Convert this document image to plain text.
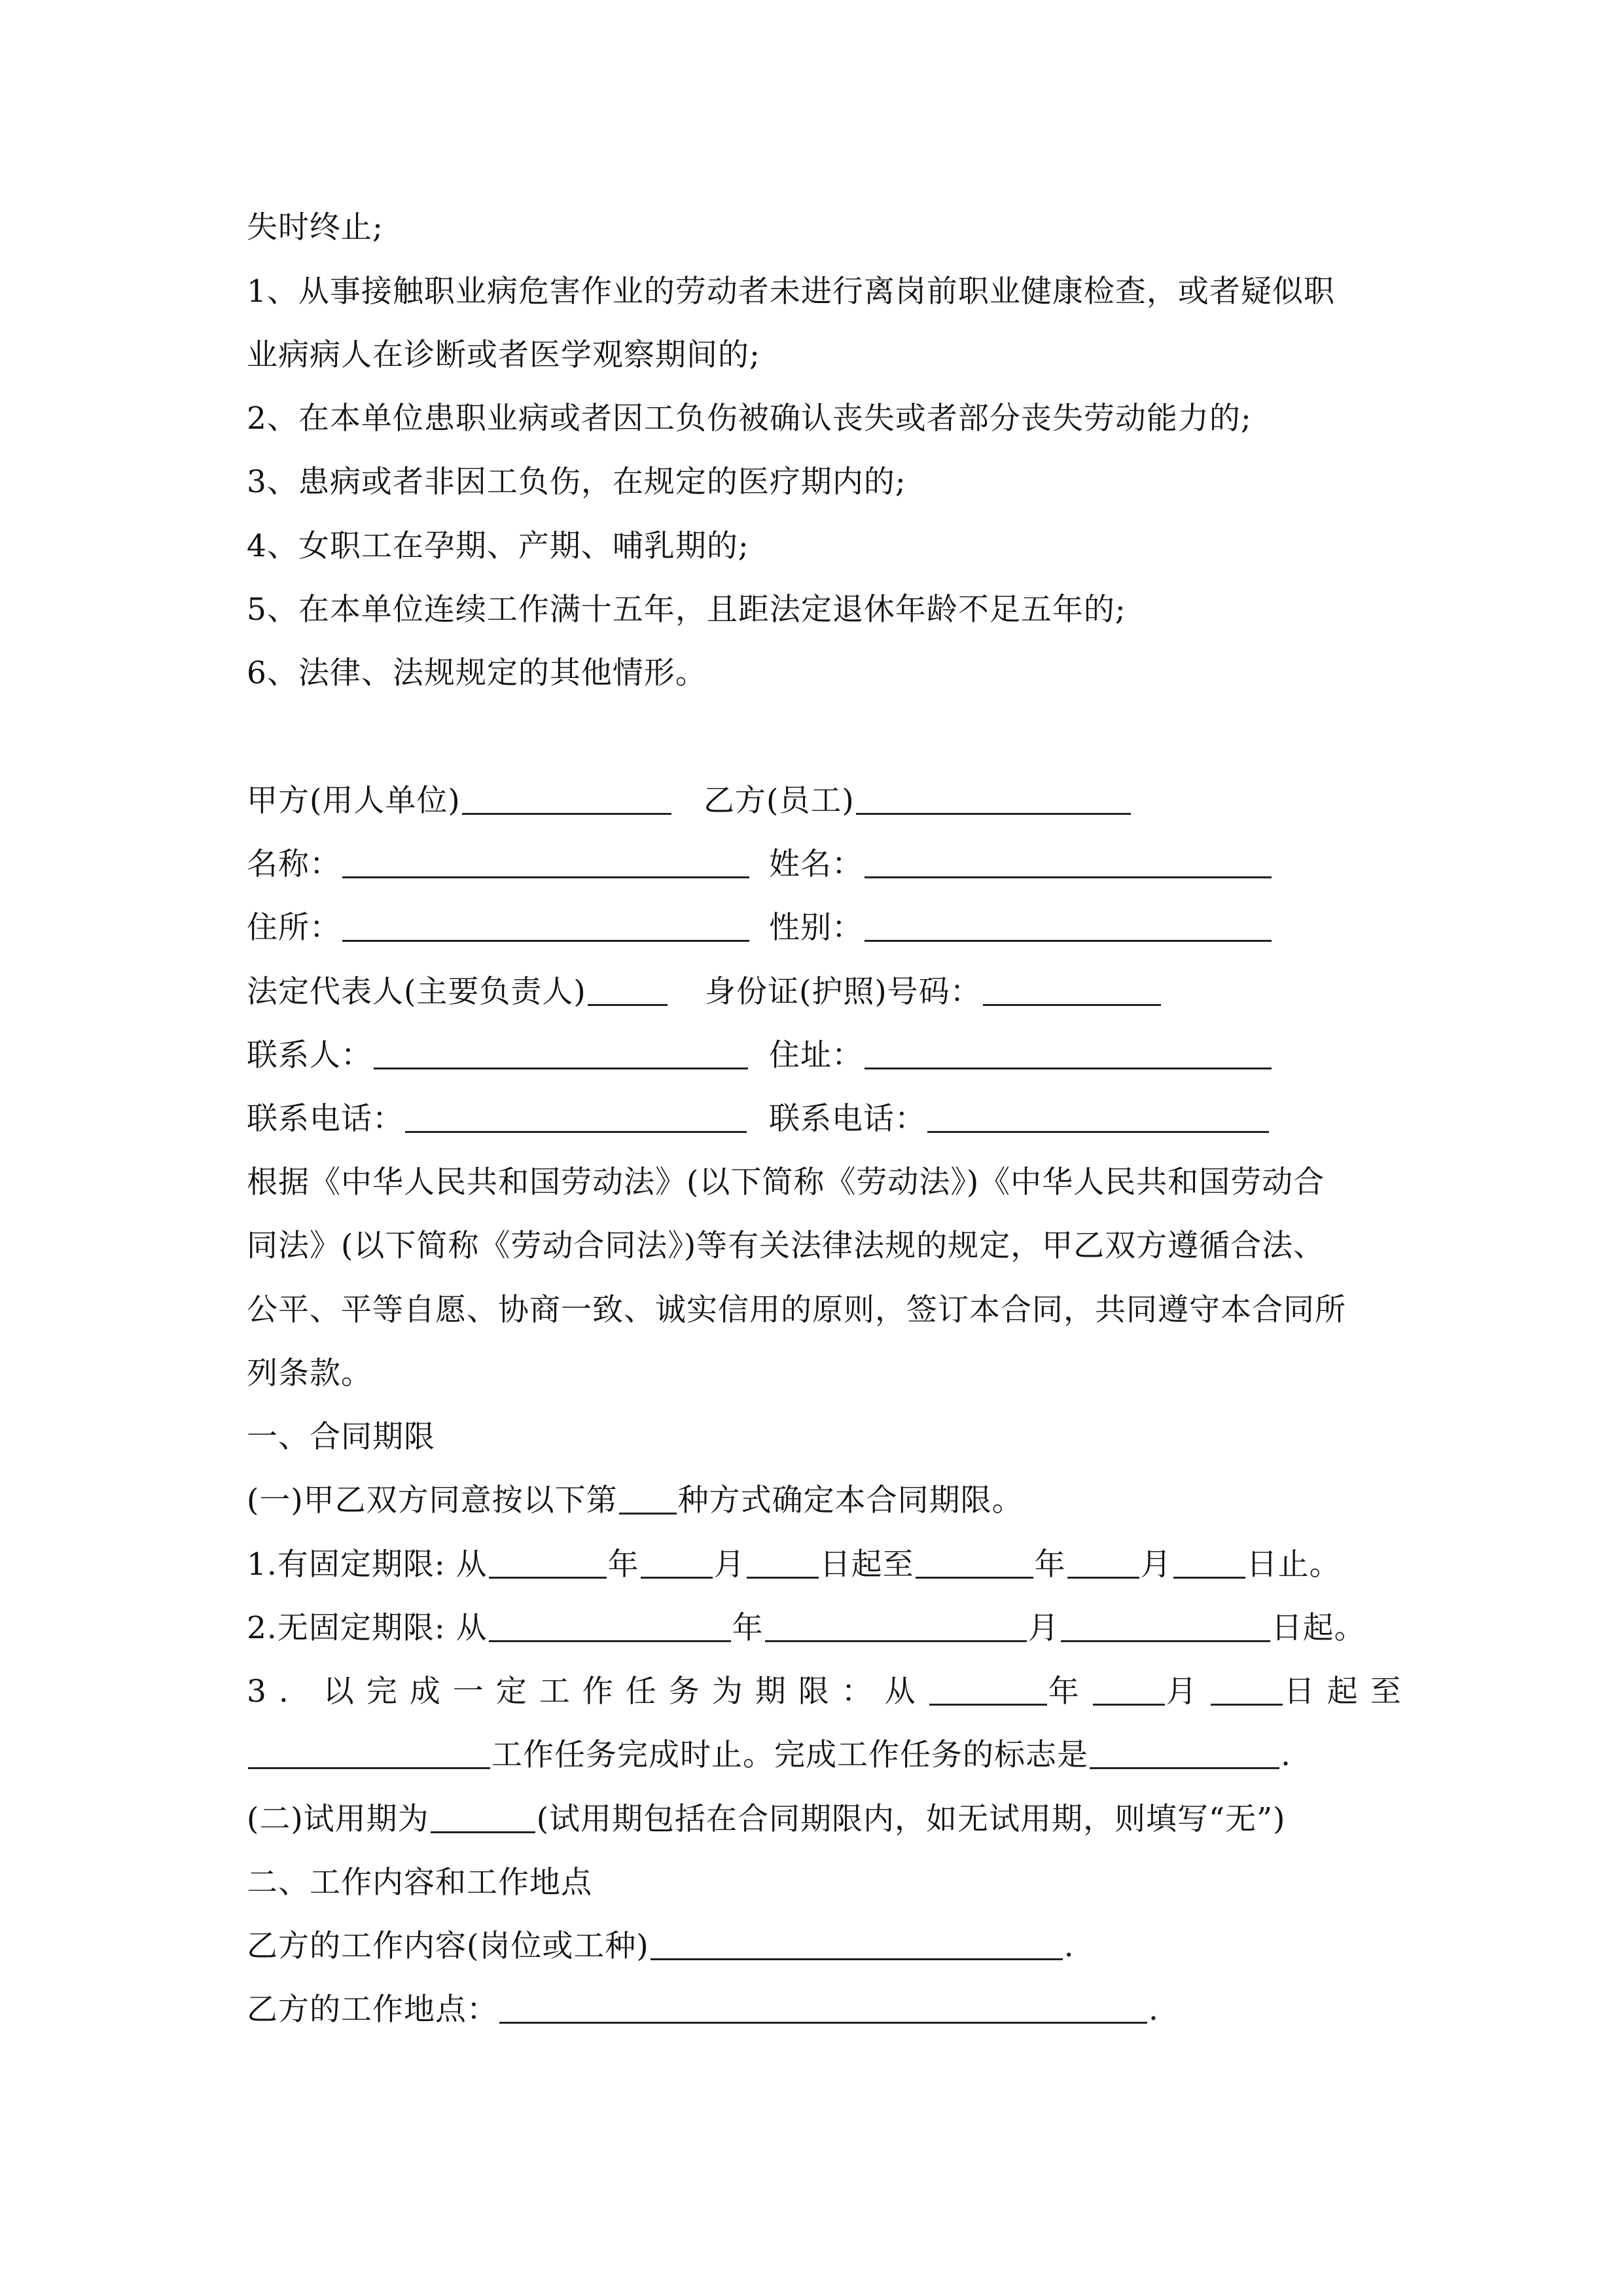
失时终止;
1、从事接触职业病危害作业的劳动者未进行离岗前职业健康检查，或者疑似职
业病病人在诊断或者医学观察期间的;
2、在本单位患职业病或者因工负伤被确认丧失或者部分丧失劳动能力的;
3、患病或者非因工负伤，在规定的医疗期内的;
4、女职工在孕期、产期、哺乳期的;
5、在本单位连续工作满十五年，且距法定退休年龄不足五年的;
6、法律、法规规定的其他情形。
甲方(用人单位)	乙方(员工)
名称：	姓名：
住所：	性别：
法定代表人(主要负责人)	身份证(护照)号码：
联系人：	住址：
联系电话：	联系电话：
根据《中华人民共和国劳动法》(以下简称《劳动法》)《中华人民共和国劳动合
同法》(以下简称《劳动合同法》)等有关法律法规的规定，甲乙双方遵循合法、
公平、平等自愿、协商一致、诚实信用的原则，签订本合同，共同遵守本合同所
列条款。
一、合同期限
(一)甲乙双方同意按以下第 种方式确定本合同期限。
1.有固定期限: 从	年 月 日起至	年 月 日止。
2.无固定期限: 从	年	月	日起。
3. 以完成一定工作任务为期限：从	年 月 日起至
工作任务完成时止。完成工作任务的标志是	.
(二)试用期为	(试用期包括在合同期限内，如无试用期，则填写“无”)
二、工作内容和工作地点
乙方的工作内容(岗位或工种)	.
乙方的工作地点：	.
